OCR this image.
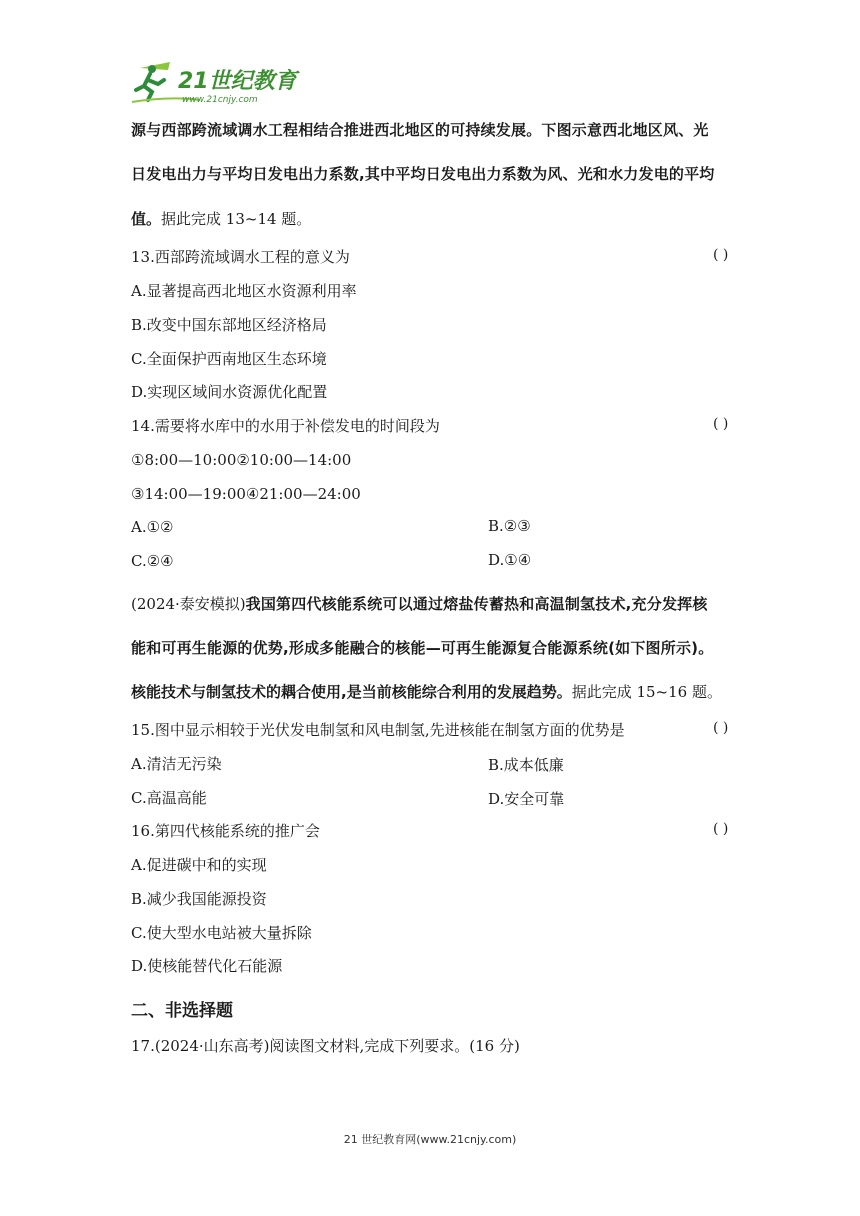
21世纪教育
www.21cnjy.com
源与西部跨流域调水工程相结合推进西北地区的可持续发展。下图示意西北地区风、光
日发电出力与平均日发电出力系数,其中平均日发电出力系数为风、光和水力发电的平均
值。据此完成 13~14 题。
13.西部跨流域调水工程的意义为	( )
A.显著提高西北地区水资源利用率
B.改变中国东部地区经济格局
C.全面保护西南地区生态环境
D.实现区域间水资源优化配置
14.需要将水库中的水用于补偿发电的时间段为	( )
①8:00—10:00②10:00—14:00
③14:00—19:00④21:00—24:00
A.①②	B.②③
C.②④	D.①④
(2024·泰安模拟)我国第四代核能系统可以通过熔盐传蓄热和高温制氢技术,充分发挥核
能和可再生能源的优势,形成多能融合的核能—可再生能源复合能源系统(如下图所示)。
核能技术与制氢技术的耦合使用,是当前核能综合利用的发展趋势。据此完成 15~16 题。
15.图中显示相较于光伏发电制氢和风电制氢,先进核能在制氢方面的优势是	( )
A.清洁无污染	B.成本低廉
C.高温高能	D.安全可靠
16.第四代核能系统的推广会	( )
A.促进碳中和的实现
B.减少我国能源投资
C.使大型水电站被大量拆除
D.使核能替代化石能源
二、非选择题
17.(2024·山东高考)阅读图文材料,完成下列要求。(16 分)
21 世纪教育网(www.21cnjy.com)
